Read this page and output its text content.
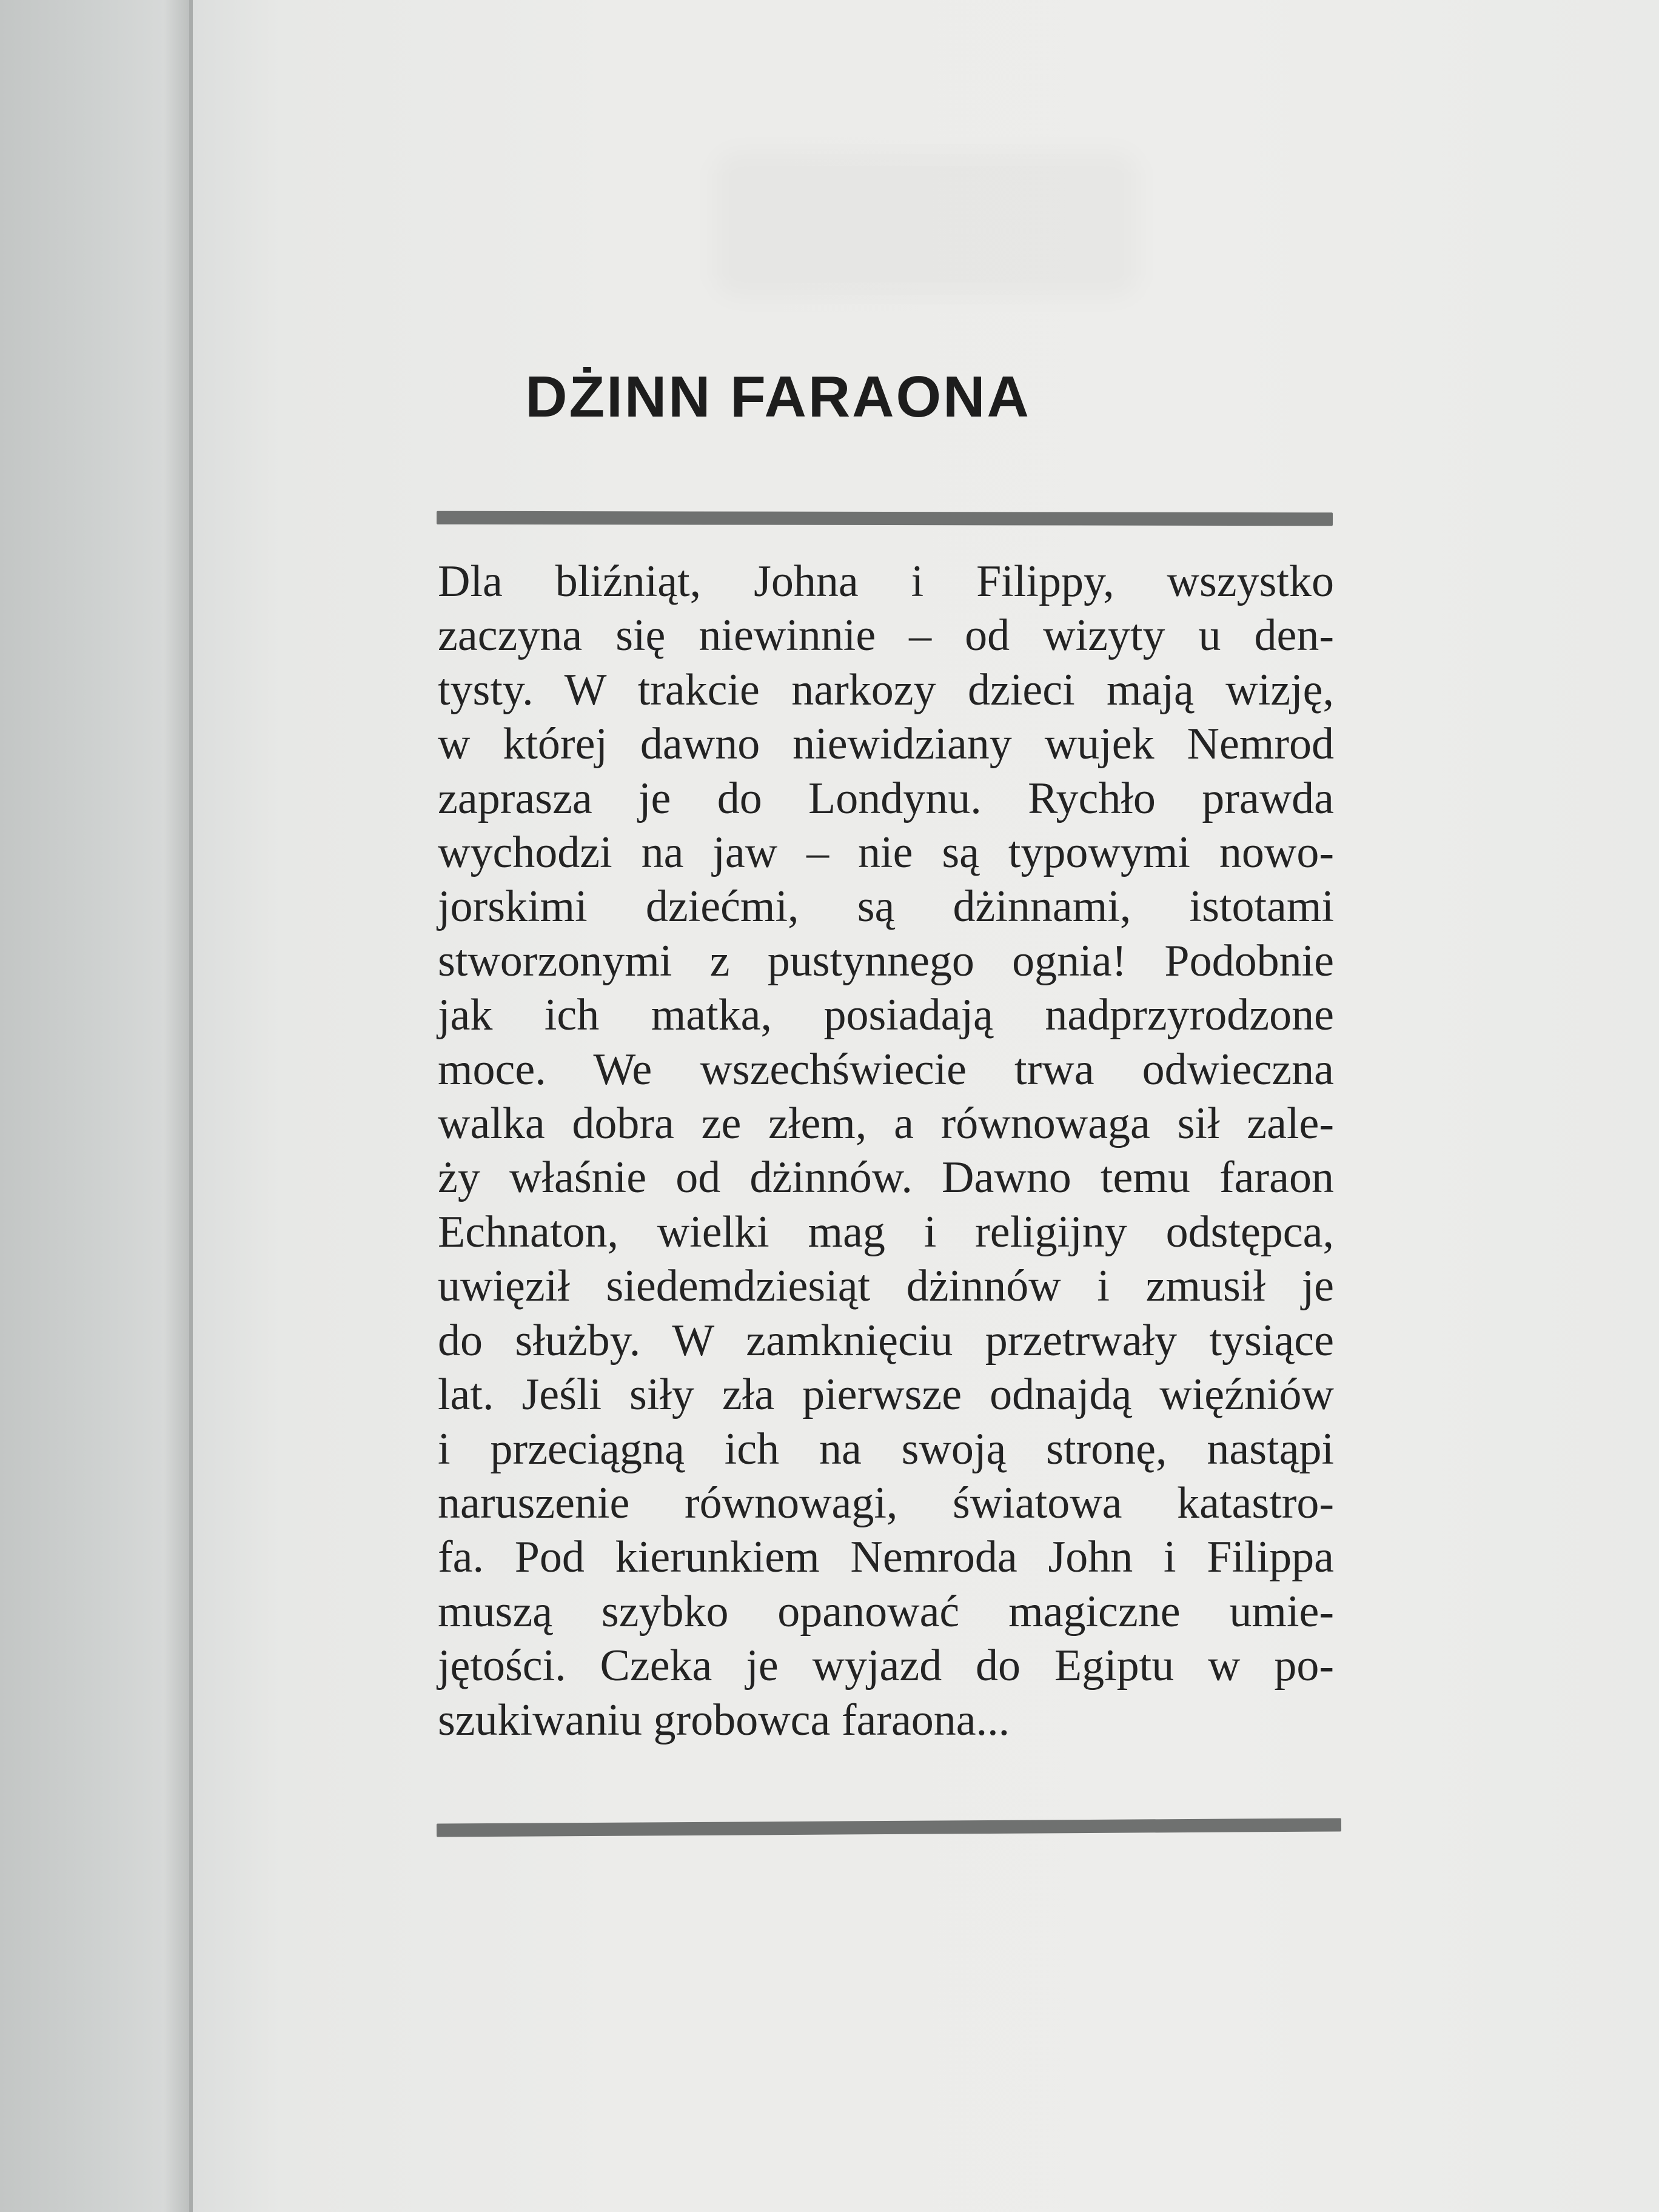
DŻINN FARAONA
Dla bliźniąt, Johna i Filippy, wszystko
zaczyna się niewinnie – od wizyty u den-
tysty. W trakcie narkozy dzieci mają wizję,
w której dawno niewidziany wujek Nemrod
zaprasza je do Londynu. Rychło prawda
wychodzi na jaw – nie są typowymi nowo-
jorskimi dziećmi, są dżinnami, istotami
stworzonymi z pustynnego ognia! Podobnie
jak ich matka, posiadają nadprzyrodzone
moce. We wszechświecie trwa odwieczna
walka dobra ze złem, a równowaga sił zale-
ży właśnie od dżinnów. Dawno temu faraon
Echnaton, wielki mag i religijny odstępca,
uwięził siedemdziesiąt dżinnów i zmusił je
do służby. W zamknięciu przetrwały tysiące
lat. Jeśli siły zła pierwsze odnajdą więźniów
i przeciągną ich na swoją stronę, nastąpi
naruszenie równowagi, światowa katastro-
fa. Pod kierunkiem Nemroda John i Filippa
muszą szybko opanować magiczne umie-
jętości. Czeka je wyjazd do Egiptu w po-
szukiwaniu grobowca faraona...
